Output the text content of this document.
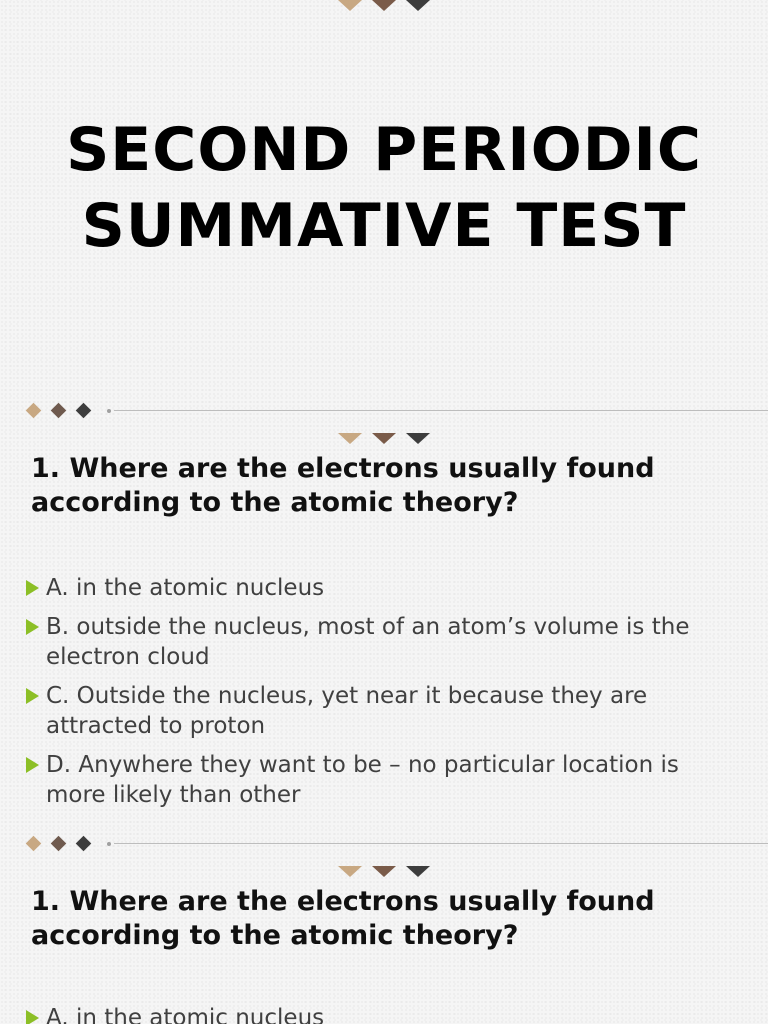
SECOND PERIODIC
SUMMATIVE TEST
1. Where are the electrons usually found according to the atomic theory?
A. in the atomic nucleus
B. outside the nucleus, most of an atom’s volume is the electron cloud
C. Outside the nucleus, yet near it because they are attracted to proton
D. Anywhere they want to be – no particular location is more likely than other
1. Where are the electrons usually found according to the atomic theory?
A. in the atomic nucleus
